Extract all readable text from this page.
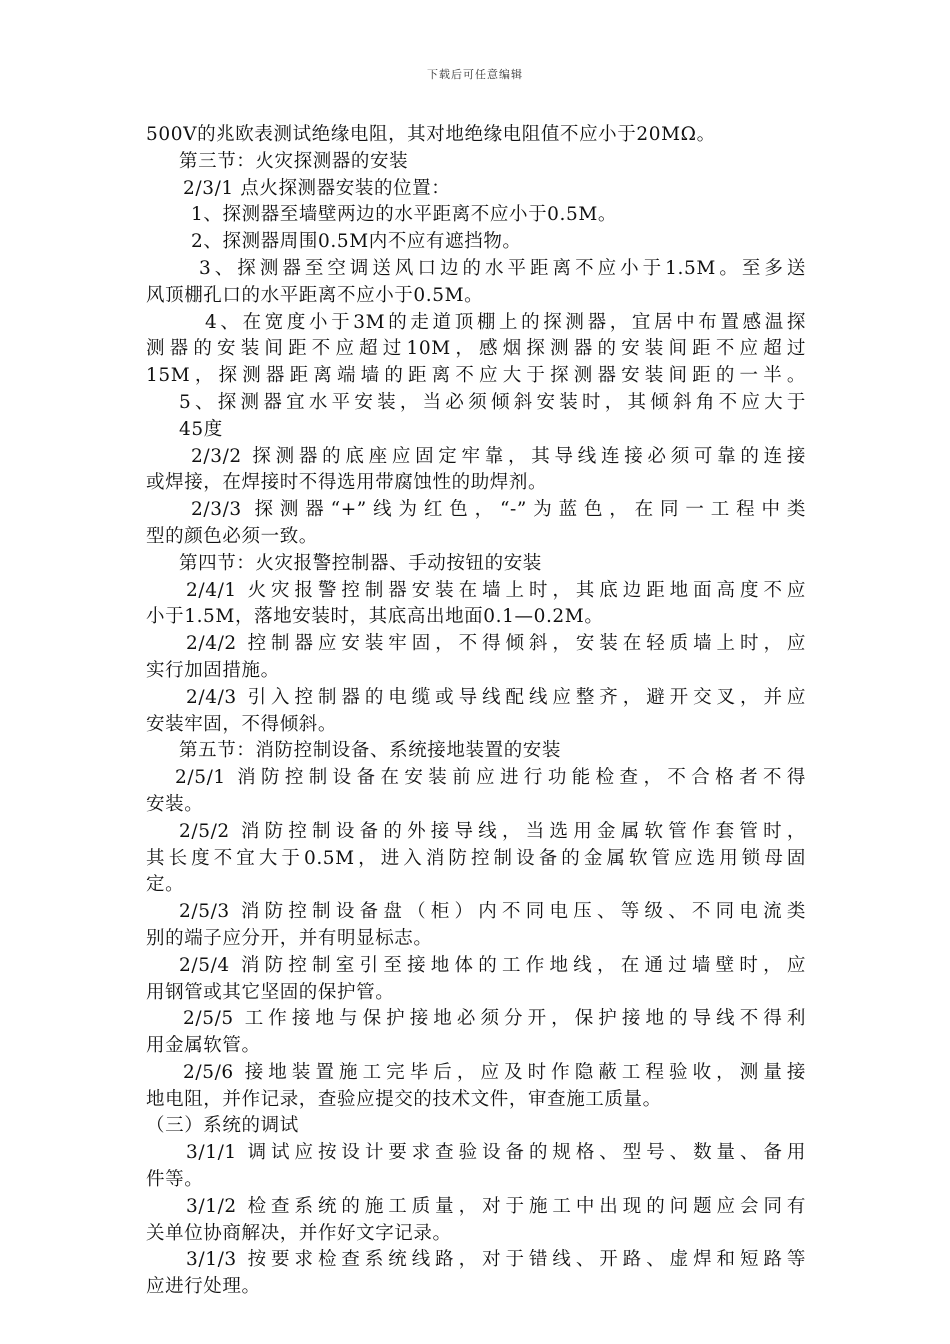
下载后可任意编辑
500V的兆欧表测试绝缘电阻，其对地绝缘电阻值不应小于20MΩ。
第三节：火灾探测器的安装
2/3/1 点火探测器安装的位置：
1、探测器至墙壁两边的水平距离不应小于0.5M。
2、探测器周围0.5M内不应有遮挡物。
3、探测器至空调送风口边的水平距离不应小于1.5M。至多送
风顶棚孔口的水平距离不应小于0.5M。
4、在宽度小于3M的走道顶棚上的探测器，宜居中布置感温探
测器的安装间距不应超过10M，感烟探测器的安装间距不应超过
15M，探测器距离端墙的距离不应大于探测器安装间距的一半。
5、探测器宜水平安装，当必须倾斜安装时，其倾斜角不应大于
45度
2/3/2 探测器的底座应固定牢靠，其导线连接必须可靠的连接
或焊接，在焊接时不得选用带腐蚀性的助焊剂。
2/3/3 探测器“+”线为红色，“-”为蓝色，在同一工程中类
型的颜色必须一致。
第四节：火灾报警控制器、手动按钮的安装
2/4/1 火灾报警控制器安装在墙上时，其底边距地面高度不应
小于1.5M，落地安装时，其底高出地面0.1—0.2M。
2/4/2 控制器应安装牢固，不得倾斜，安装在轻质墙上时，应
实行加固措施。
2/4/3 引入控制器的电缆或导线配线应整齐，避开交叉，并应
安装牢固，不得倾斜。
第五节：消防控制设备、系统接地装置的安装
2/5/1 消防控制设备在安装前应进行功能检查，不合格者不得
安装。
2/5/2 消防控制设备的外接导线，当选用金属软管作套管时，
其长度不宜大于0.5M，进入消防控制设备的金属软管应选用锁母固
定。
2/5/3 消防控制设备盘（柜）内不同电压、等级、不同电流类
别的端子应分开，并有明显标志。
2/5/4 消防控制室引至接地体的工作地线，在通过墙壁时，应
用钢管或其它坚固的保护管。
2/5/5 工作接地与保护接地必须分开，保护接地的导线不得利
用金属软管。
2/5/6 接地装置施工完毕后，应及时作隐蔽工程验收，测量接
地电阻，并作记录，查验应提交的技术文件，审查施工质量。
（三）系统的调试
3/1/1 调试应按设计要求查验设备的规格、型号、数量、备用
件等。
3/1/2 检查系统的施工质量，对于施工中出现的问题应会同有
关单位协商解决，并作好文字记录。
3/1/3 按要求检查系统线路，对于错线、开路、虚焊和短路等
应进行处理。
